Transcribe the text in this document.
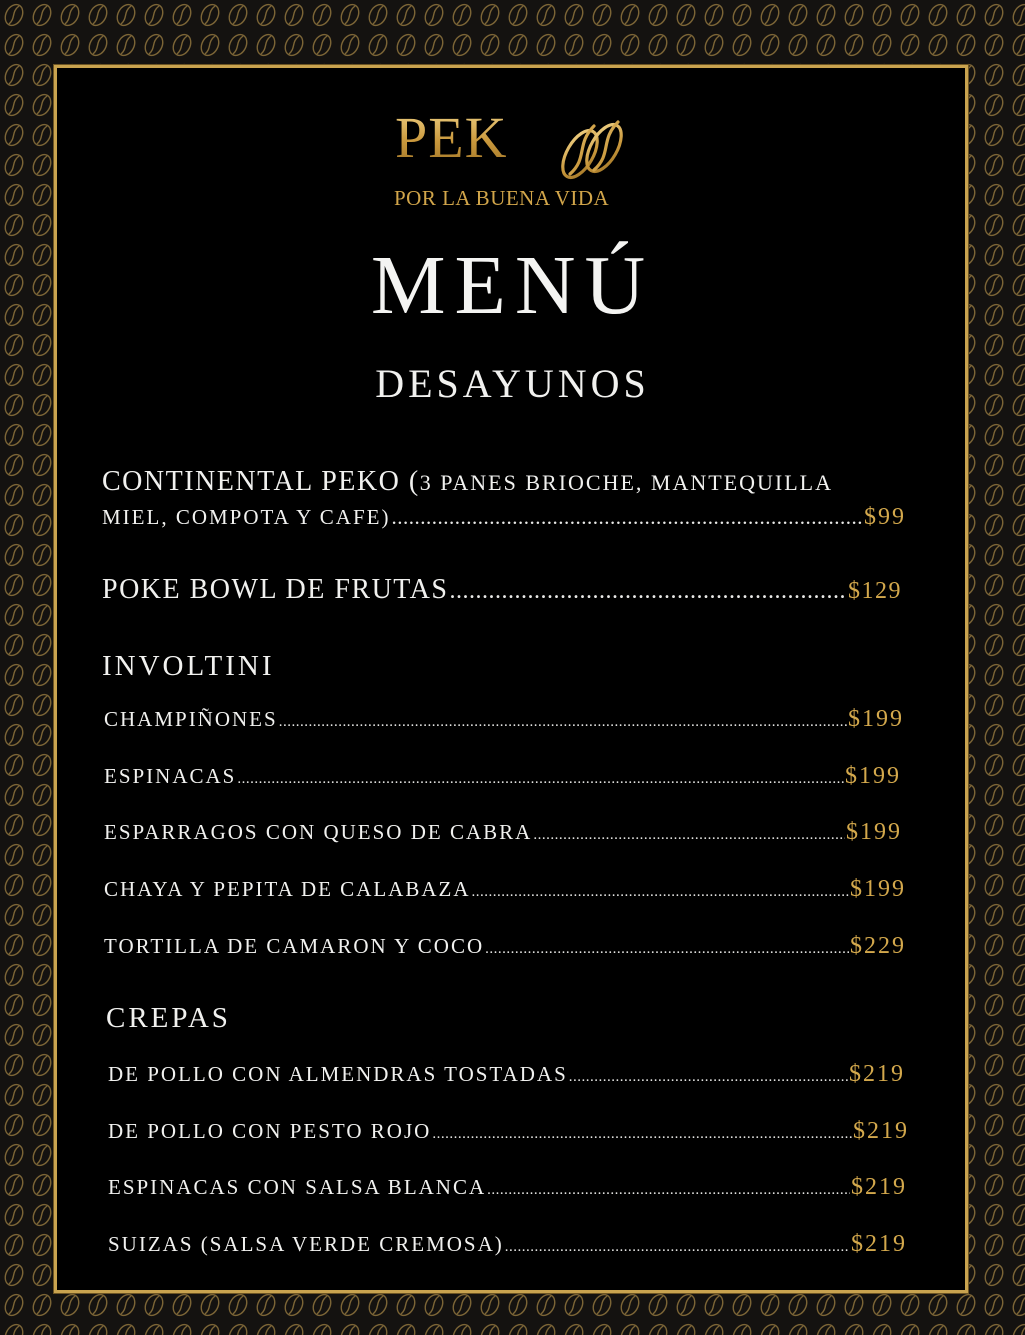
PEK
POR LA BUENA VIDA
MENÚ
DESAYUNOS
CONTINENTAL PEKO (3 PANES BRIOCHE, MANTEQUILLA
MIEL, COMPOTA Y CAFE) .....	$99
POKE BOWL DE FRUTAS .....	$129
INVOLTINI
CHAMPIÑONES .....	$199
ESPINACAS .....	$199
ESPARRAGOS CON QUESO DE CABRA .....	$199
CHAYA Y PEPITA DE CALABAZA .....	$199
TORTILLA DE CAMARON Y COCO .....	$229
CREPAS
DE POLLO CON ALMENDRAS TOSTADAS .....	$219
DE POLLO CON PESTO ROJO .....	$219
ESPINACAS CON SALSA BLANCA .....	$219
SUIZAS (SALSA VERDE CREMOSA) .....	$219
